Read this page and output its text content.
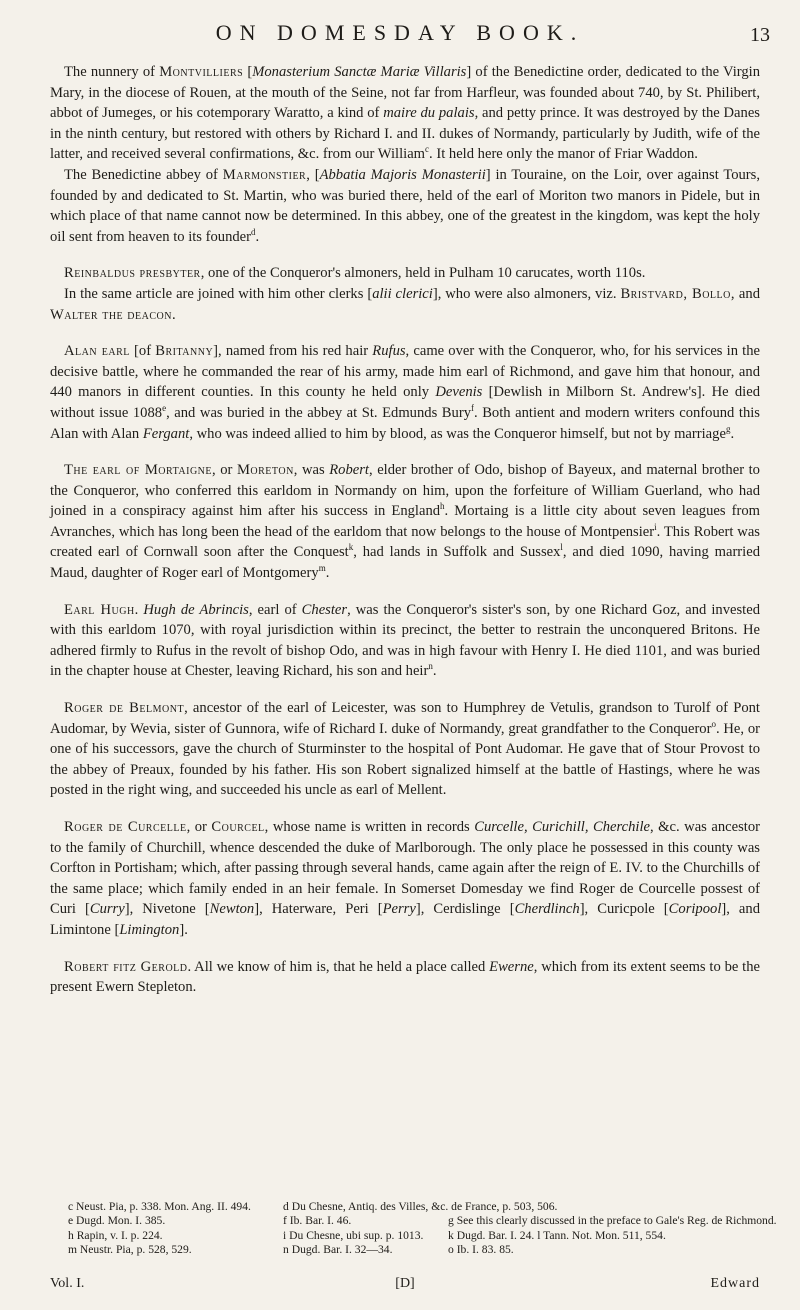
ON DOMESDAY BOOK.	13

The nunnery of Montvilliers [Monasterium Sanctæ Mariæ Villaris] of the Benedictine order, dedicated to the Virgin Mary, in the diocese of Rouen, at the mouth of the Seine, not far from Harfleur, was founded about 740, by St. Philibert, abbot of Jumeges, or his cotemporary Waratto, a kind of maire du palais, and petty prince. It was destroyed by the Danes in the ninth century, but restored with others by Richard I. and II. dukes of Normandy, particularly by Judith, wife of the latter, and received several confirmations, &c. from our William$^c$. It held here only the manor of Friar Waddon.

The Benedictine abbey of Marmonstier, [Abbatia Majoris Monasterii] in Touraine, on the Loir, over against Tours, founded by and dedicated to St. Martin, who was buried there, held of the earl of Moriton two manors in Pidele, but in which place of that name cannot now be determined. In this abbey, one of the greatest in the kingdom, was kept the holy oil sent from heaven to its founder$^d$.

Reinbaldus presbyter, one of the Conqueror's almoners, held in Pulham 10 carucates, worth 110s.

In the same article are joined with him other clerks [alii clerici], who were also almoners, viz. Bristvard, Bollo, and Walter the deacon.

Alan earl [of Britanny], named from his red hair Rufus, came over with the Conqueror, who, for his services in the decisive battle, where he commanded the rear of his army, made him earl of Richmond, and gave him that honour, and 440 manors in different counties. In this county he held only Devenis [Dewlish in Milborn St. Andrew's]. He died without issue 1088e, and was buried in the abbey at St. Edmunds Bury$^f$. Both antient and modern writers confound this Alan with Alan Fergant, who was indeed allied to him by blood, as was the Conqueror himself, but not by marriage$^g$.

The earl of Mortaigne, or Moreton, was Robert, elder brother of Odo, bishop of Bayeux, and maternal brother to the Conqueror, who conferred this earldom in Normandy on him, upon the forfeiture of William Guerland, who had joined in a conspiracy against him after his success in England$^h$. Mortaing is a little city about seven leagues from Avranches, which has long been the head of the earldom that now belongs to the house of Montpensier$^i$. This Robert was created earl of Cornwall soon after the Conquest$^k$, had lands in Suffolk and Sussex$^l$, and died 1090, having married Maud, daughter of Roger earl of Montgomery$^m$.

Earl Hugh. Hugh de Abrincis, earl of Chester, was the Conqueror's sister's son, by one Richard Goz, and invested with this earldom 1070, with royal jurisdiction within its precinct, the better to restrain the unconquered Britons. He adhered firmly to Rufus in the revolt of bishop Odo, and was in high favour with Henry I. He died 1101, and was buried in the chapter house at Chester, leaving Richard, his son and heir$^n$.

Roger de Belmont, ancestor of the earl of Leicester, was son to Humphrey de Vetulis, grandson to Turolf of Pont Audomar, by Wevia, sister of Gunnora, wife of Richard I. duke of Normandy, great grandfather to the Conqueror$^o$. He, or one of his successors, gave the church of Sturminster to the hospital of Pont Audomar. He gave that of Stour Provost to the abbey of Preaux, founded by his father. His son Robert signalized himself at the battle of Hastings, where he was posted in the right wing, and succeeded his uncle as earl of Mellent.

Roger de Curcelle, or Courcel, whose name is written in records Curcelle, Curichill, Cherchile, &c. was ancestor to the family of Churchill, whence descended the duke of Marlborough. The only place he possessed in this county was Corfton in Portisham; which, after passing through several hands, came again after the reign of E. IV. to the Churchills of the same place; which family ended in an heir female. In Somerset Domesday we find Roger de Courcelle possest of Curi [Curry], Nivetone [Newton], Haterware, Peri [Perry], Cerdislinge [Cherdlinch], Curicpole [Coripool], and Limintone [Limington].

Robert fitz Gerold. All we know of him is, that he held a place called Ewerne, which from its extent seems to be the present Ewern Stepleton.

c Neust. Pia, p. 338. Mon. Ang. II. 494.	d Du Chesne, Antiq. des Villes, &c. de France, p. 503, 506.
e Dugd. Mon. I. 385.	f Ib. Bar. I. 46.	g See this clearly discussed in the preface to Gale's Reg. de Richmond.
h Rapin, v. I. p. 224.	i Du Chesne, ubi sup. p. 1013.	k Dugd. Bar. I. 24. l Tann. Not. Mon. 511, 554.
m Neustr. Pia, p. 528, 529.	n Dugd. Bar. I. 32—34.	o Ib. I. 83. 85.
Vol. I.	[D]	Edward
